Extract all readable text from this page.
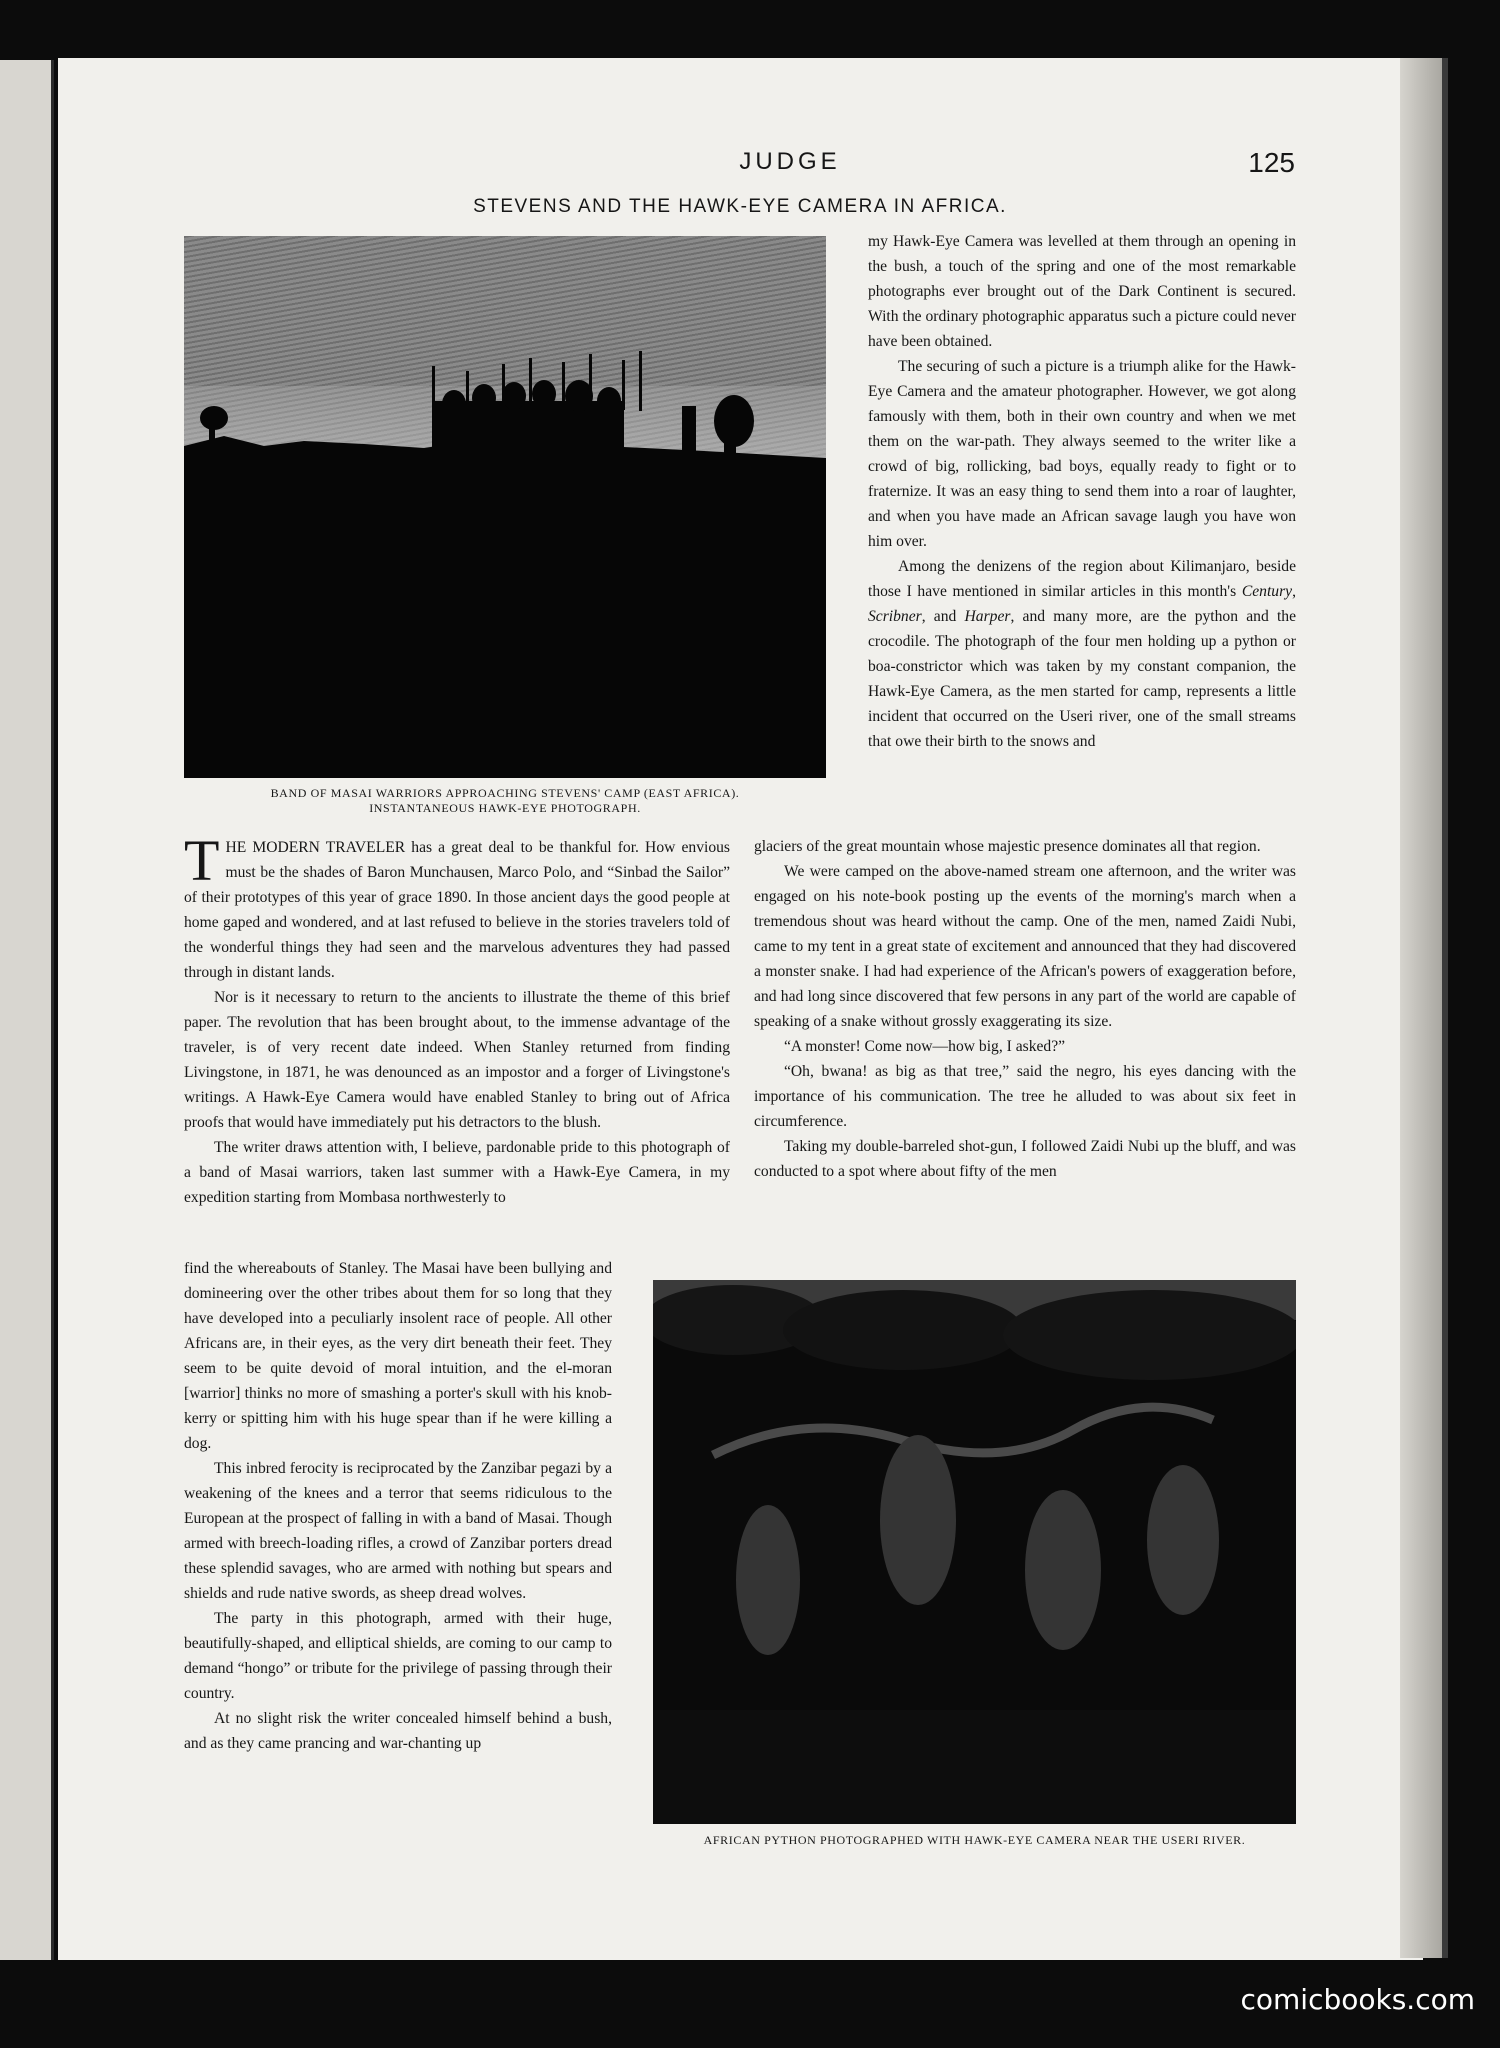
JUDGE	125
STEVENS AND THE HAWK-EYE CAMERA IN AFRICA.
BAND OF MASAI WARRIORS APPROACHING STEVENS' CAMP (EAST AFRICA).
INSTANTANEOUS HAWK-EYE PHOTOGRAPH.

my Hawk-Eye Camera was levelled at them through an opening in the bush, a touch of the spring and one of the most remarkable photographs ever brought out of the Dark Continent is secured. With the ordinary photographic apparatus such a picture could never have been obtained.

The securing of such a picture is a triumph alike for the Hawk-Eye Camera and the amateur photographer. However, we got along famously with them, both in their own country and when we met them on the war-path. They always seemed to the writer like a crowd of big, rollicking, bad boys, equally ready to fight or to fraternize. It was an easy thing to send them into a roar of laughter, and when you have made an African savage laugh you have won him over.

Among the denizens of the region about Kilimanjaro, beside those I have mentioned in similar articles in this month's Century, Scribner, and Harper, and many more, are the python and the crocodile. The photograph of the four men holding up a python or boa-constrictor which was taken by my constant companion, the Hawk-Eye Camera, as the men started for camp, represents a little incident that occurred on the Useri river, one of the small streams that owe their birth to the snows and

THE MODERN TRAVELER has a great deal to be thankful for. How envious must be the shades of Baron Munchausen, Marco Polo, and “Sinbad the Sailor” of their prototypes of this year of grace 1890. In those ancient days the good people at home gaped and wondered, and at last refused to believe in the stories travelers told of the wonderful things they had seen and the marvelous adventures they had passed through in distant lands.

Nor is it necessary to return to the ancients to illustrate the theme of this brief paper. The revolution that has been brought about, to the immense advantage of the traveler, is of very recent date indeed. When Stanley returned from finding Livingstone, in 1871, he was denounced as an impostor and a forger of Livingstone's writings. A Hawk-Eye Camera would have enabled Stanley to bring out of Africa proofs that would have immediately put his detractors to the blush.

The writer draws attention with, I believe, pardonable pride to this photograph of a band of Masai warriors, taken last summer with a Hawk-Eye Camera, in my expedition starting from Mombasa northwesterly to

glaciers of the great mountain whose majestic presence dominates all that region.

We were camped on the above-named stream one afternoon, and the writer was engaged on his note-book posting up the events of the morning's march when a tremendous shout was heard without the camp. One of the men, named Zaidi Nubi, came to my tent in a great state of excitement and announced that they had discovered a monster snake. I had had experience of the African's powers of exaggeration before, and had long since discovered that few persons in any part of the world are capable of speaking of a snake without grossly exaggerating its size.

“A monster! Come now—how big, I asked?”

“Oh, bwana! as big as that tree,” said the negro, his eyes dancing with the importance of his communication. The tree he alluded to was about six feet in circumference.

Taking my double-barreled shot-gun, I followed Zaidi Nubi up the bluff, and was conducted to a spot where about fifty of the men

find the whereabouts of Stanley. The Masai have been bullying and domineering over the other tribes about them for so long that they have developed into a peculiarly insolent race of people. All other Africans are, in their eyes, as the very dirt beneath their feet. They seem to be quite devoid of moral intuition, and the el-moran [warrior] thinks no more of smashing a porter's skull with his knob-kerry or spitting him with his huge spear than if he were killing a dog.

This inbred ferocity is reciprocated by the Zanzibar pegazi by a weakening of the knees and a terror that seems ridiculous to the European at the prospect of falling in with a band of Masai. Though armed with breech-loading rifles, a crowd of Zanzibar porters dread these splendid savages, who are armed with nothing but spears and shields and rude native swords, as sheep dread wolves.

The party in this photograph, armed with their huge, beautifully-shaped, and elliptical shields, are coming to our camp to demand “hongo” or tribute for the privilege of passing through their country.

At no slight risk the writer concealed himself behind a bush, and as they came prancing and war-chanting up

AFRICAN PYTHON PHOTOGRAPHED WITH HAWK-EYE CAMERA NEAR THE USERI RIVER.
comicbooks.com
